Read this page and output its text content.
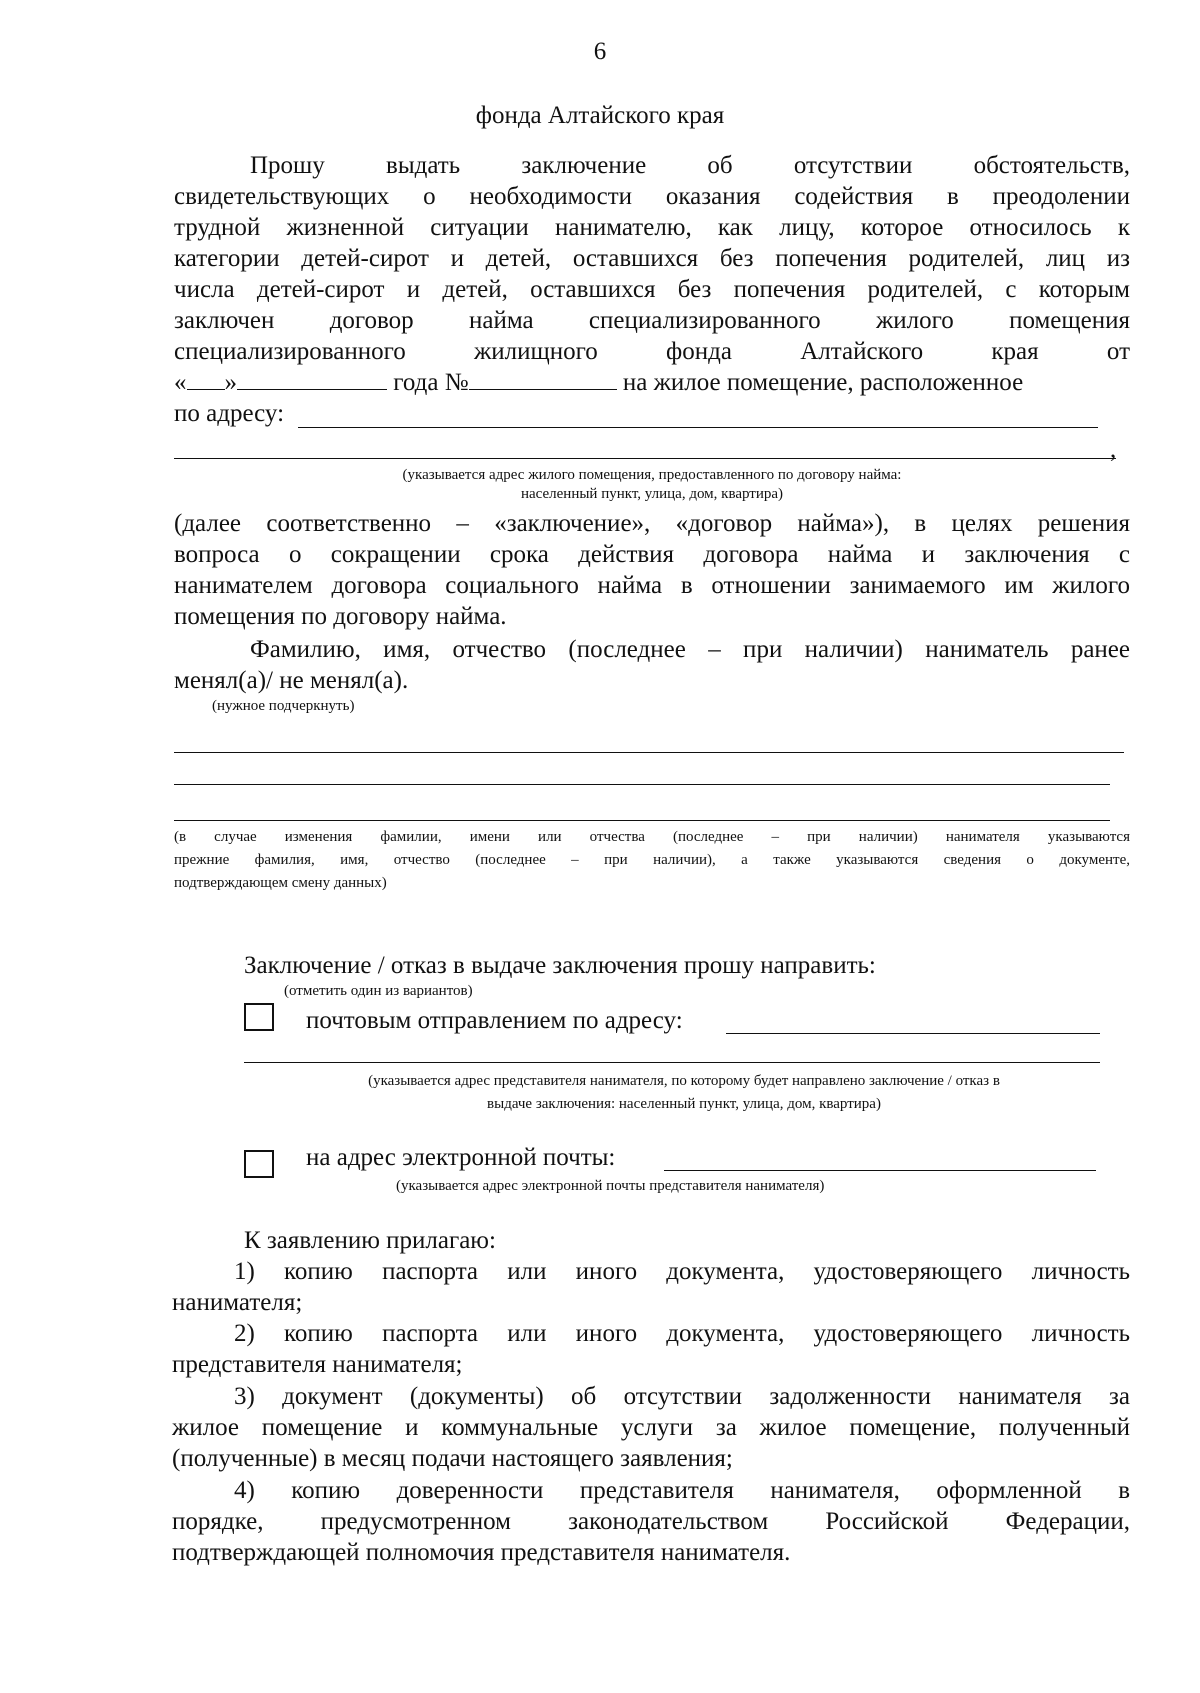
6
фонда Алтайского края
Прошу выдать заключение об отсутствии обстоятельств,
свидетельствующих о необходимости оказания содействия в преодолении
трудной жизненной ситуации нанимателю, как лицу, которое относилось к
категории детей-сирот и детей, оставшихся без попечения родителей, лиц из
числа детей-сирот и детей, оставшихся без попечения родителей, с которым
заключен договор найма специализированного жилого помещения
специализированного жилищного фонда Алтайского края от
« »	года №	на жилое помещение, расположенное
по адресу:
,
(указывается адрес жилого помещения, предоставленного по договору найма:
населенный пункт, улица, дом, квартира)
(далее соответственно – «заключение», «договор найма»), в целях решения
вопроса о сокращении срока действия договора найма и заключения с
нанимателем договора социального найма в отношении занимаемого им жилого
помещения по договору найма.
Фамилию, имя, отчество (последнее – при наличии) наниматель ранее
менял(а)/ не менял(а).
(нужное подчеркнуть)
(в случае изменения фамилии, имени или отчества (последнее – при наличии) нанимателя указываются
прежние фамилия, имя, отчество (последнее – при наличии), а также указываются сведения о документе,
подтверждающем смену данных)
Заключение / отказ в выдаче заключения прошу направить:
(отметить один из вариантов)
почтовым отправлением по адресу:
(указывается адрес представителя нанимателя, по которому будет направлено заключение / отказ в
выдаче заключения: населенный пункт, улица, дом, квартира)
на адрес электронной почты:
(указывается адрес электронной почты представителя нанимателя)
К заявлению прилагаю:
1) копию паспорта или иного документа, удостоверяющего личность
нанимателя;
2) копию паспорта или иного документа, удостоверяющего личность
представителя нанимателя;
3) документ (документы) об отсутствии задолженности нанимателя за
жилое помещение и коммунальные услуги за жилое помещение, полученный
(полученные) в месяц подачи настоящего заявления;
4) копию доверенности представителя нанимателя, оформленной в
порядке, предусмотренном законодательством Российской Федерации,
подтверждающей полномочия представителя нанимателя.
